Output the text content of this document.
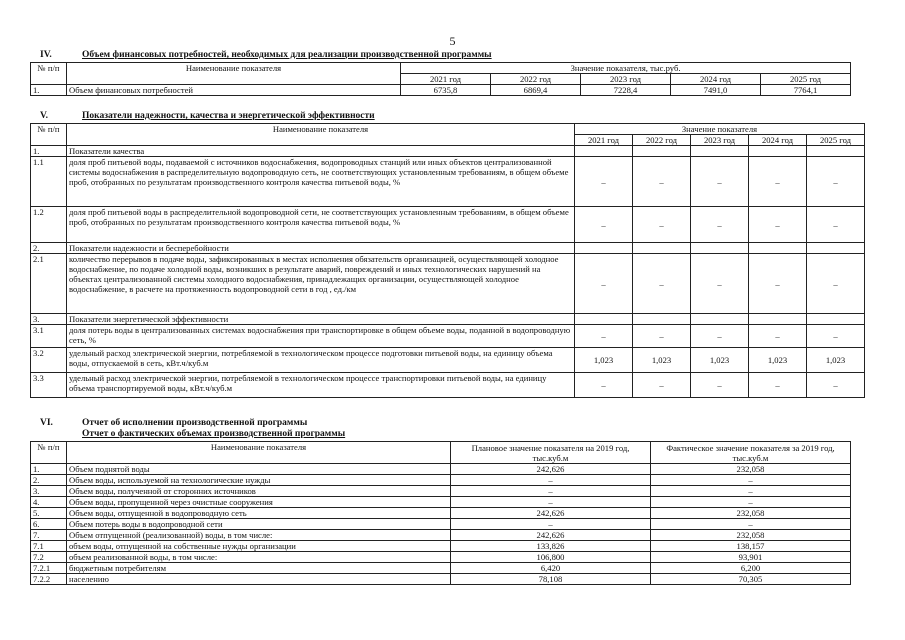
5
IV.	Объем финансовых потребностей, необходимых для реализации производственной программы
№ п/п	Наименование показателя	Значение показателя, тыс.руб.				
		2021 год	2022 год	2023 год	2024 год	2025 год
1.	Объем финансовых потребностей	6735,8	6869,4	7228,4	7491,0	7764,1
V.	Показатели надежности, качества и энергетической эффективности
№ п/п	Наименование показателя	Значение показателя				
		2021 год	2022 год	2023 год	2024 год	2025 год
1.	Показатели качества					
1.1	доля проб питьевой воды, подаваемой с источников водоснабжения, водопроводных станций или иных объектов централизованной системы водоснабжения в распределительную водопроводную сеть, не соответствующих установленным требованиям, в общем объеме проб, отобранных по результатам производственного контроля качества питьевой воды, %	–	–	–	–	–
1.2	доля проб питьевой воды в распределительной водопроводной сети, не соответствующих установленным требованиям, в общем объеме проб, отобранных по результатам производственного контроля качества питьевой воды, %	–	–	–	–	–
2.	Показатели надежности и бесперебойности					
2.1	количество перерывов в подаче воды, зафиксированных в местах исполнения обязательств организацией, осуществляющей холодное водоснабжение, по подаче холодной воды, возникших в результате аварий, повреждений и иных технологических нарушений на объектах централизованной системы холодного водоснабжения, принадлежащих организации, осуществляющей холодное водоснабжение, в расчете на протяженность водопроводной сети в год , ед./км	–	–	–	–	–
3.	Показатели энергетической эффективности					
3.1	доля потерь воды в централизованных системах водоснабжения при транспортировке в общем объеме воды, поданной в водопроводную сеть, %	–	–	–	–	–
3.2	удельный расход электрической энергии, потребляемой в технологическом процессе подготовки питьевой воды, на единицу объема воды, отпускаемой в сеть, кВт.ч/куб.м	1,023	1,023	1,023	1,023	1,023
3.3	удельный расход электрической энергии, потребляемой в технологическом процессе транспортировки питьевой воды, на единицу объема транспортируемой воды, кВт.ч/куб.м	–	–	–	–	–
VI.	Отчет об исполнении производственной программы
Отчет о фактических объемах производственной программы
№ п/п	Наименование показателя	Плановое значение показателя на 2019 год, тыс.куб.м	Фактическое значение показателя за 2019 год, тыс.куб.м
1.	Объем поднятой воды	242,626	232,058
2.	Объем воды, используемой на технологические нужды	–	–
3.	Объем воды, полученной от сторонних источников	–	–
4.	Объем воды, пропущенной через очистные сооружения	–	–
5.	Объем воды, отпущенной в водопроводную сеть	242,626	232,058
6.	Объем потерь воды в водопроводной сети	–	–
7.	Объем отпущенной (реализованной) воды, в том числе:	242,626	232,058
7.1	объем воды, отпущенной на собственные нужды организации	133,826	138,157
7.2	объем реализованной воды, в том числе:	106,800	93,901
7.2.1	бюджетным потребителям	6,420	6,200
7.2.2	населению	78,108	70,305
